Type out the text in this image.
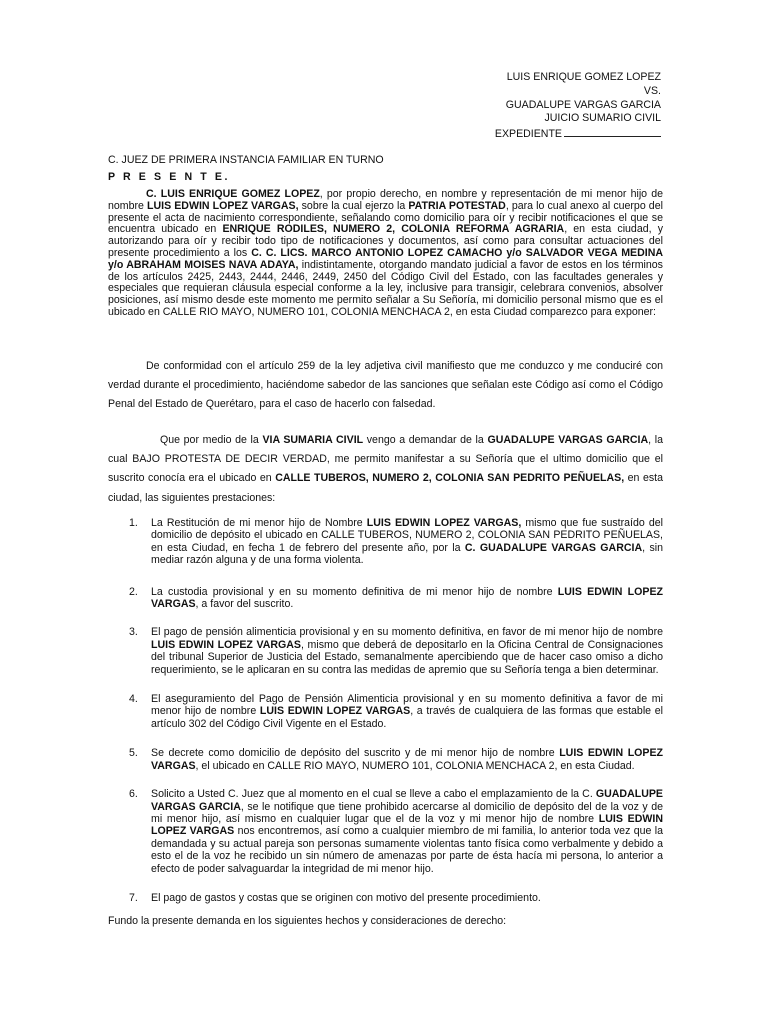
LUIS ENRIQUE GOMEZ LOPEZ
VS.
GUADALUPE VARGAS GARCIA
JUICIO SUMARIO CIVIL
EXPEDIENTE
C. JUEZ DE PRIMERA INSTANCIA FAMILIAR EN TURNO
P R E S E N T E.
C. LUIS ENRIQUE GOMEZ LOPEZ, por propio derecho, en nombre y representación de mi menor hijo de nombre LUIS EDWIN LOPEZ VARGAS, sobre la cual ejerzo la PATRIA POTESTAD, para lo cual anexo al cuerpo del presente el acta de nacimiento correspondiente, señalando como domicilio para oír y recibir notificaciones el que se encuentra ubicado en ENRIQUE RODILES, NUMERO 2, COLONIA REFORMA AGRARIA, en esta ciudad, y autorizando para oír y recibir todo tipo de notificaciones y documentos, así como para consultar actuaciones del presente procedimiento a los C. C. LICS. MARCO ANTONIO LOPEZ CAMACHO y/o SALVADOR VEGA MEDINA y/o ABRAHAM MOISES NAVA ADAYA, indistintamente, otorgando mandato judicial a favor de estos en los términos de los artículos 2425, 2443, 2444, 2446, 2449, 2450 del Código Civil del Estado, con las facultades generales y especiales que requieran cláusula especial conforme a la ley, inclusive para transigir, celebrara convenios, absolver posiciones, así mismo desde este momento me permito señalar a Su Señoría, mi domicilio personal mismo que es el ubicado en CALLE RIO MAYO, NUMERO 101, COLONIA MENCHACA 2, en esta Ciudad comparezco para exponer:
De conformidad con el artículo 259 de la ley adjetiva civil manifiesto que me conduzco y me conduciré con verdad durante el procedimiento, haciéndome sabedor de las sanciones que señalan este Código así como el Código Penal del Estado de Querétaro, para el caso de hacerlo con falsedad.
Que por medio de la VIA SUMARIA CIVIL vengo a demandar de la GUADALUPE VARGAS GARCIA, la cual BAJO PROTESTA DE DECIR VERDAD, me permito manifestar a su Señoría que el ultimo domicilio que el suscrito conocía era el ubicado en CALLE TUBEROS, NUMERO 2, COLONIA SAN PEDRITO PEÑUELAS, en esta ciudad, las siguientes prestaciones:
1. La Restitución de mi menor hijo de Nombre LUIS EDWIN LOPEZ VARGAS, mismo que fue sustraído del domicilio de depósito el ubicado en CALLE TUBEROS, NUMERO 2, COLONIA SAN PEDRITO PEÑUELAS, en esta Ciudad, en fecha 1 de febrero del presente año, por la C. GUADALUPE VARGAS GARCIA, sin mediar razón alguna y de una forma violenta.
2. La custodia provisional y en su momento definitiva de mi menor hijo de nombre LUIS EDWIN LOPEZ VARGAS, a favor del suscrito.
3. El pago de pensión alimenticia provisional y en su momento definitiva, en favor de mi menor hijo de nombre LUIS EDWIN LOPEZ VARGAS, mismo que deberá de depositarlo en la Oficina Central de Consignaciones del tribunal Superior de Justicia del Estado, semanalmente apercibiendo que de hacer caso omiso a dicho requerimiento, se le aplicaran en su contra las medidas de apremio que su Señoría tenga a bien determinar.
4. El aseguramiento del Pago de Pensión Alimenticia provisional y en su momento definitiva a favor de mi menor hijo de nombre LUIS EDWIN LOPEZ VARGAS, a través de cualquiera de las formas que estable el artículo 302 del Código Civil Vigente en el Estado.
5. Se decrete como domicilio de depósito del suscrito y de mi menor hijo de nombre LUIS EDWIN LOPEZ VARGAS, el ubicado en CALLE RIO MAYO, NUMERO 101, COLONIA MENCHACA 2, en esta Ciudad.
6. Solicito a Usted C. Juez que al momento en el cual se lleve a cabo el emplazamiento de la C. GUADALUPE VARGAS GARCIA, se le notifique que tiene prohibido acercarse al domicilio de depósito del de la voz y de mi menor hijo, así mismo en cualquier lugar que el de la voz y mi menor hijo de nombre LUIS EDWIN LOPEZ VARGAS nos encontremos, así como a cualquier miembro de mi familia, lo anterior toda vez que la demandada y su actual pareja son personas sumamente violentas tanto física como verbalmente y debido a esto el de la voz he recibido un sin número de amenazas por parte de ésta hacía mi persona, lo anterior a efecto de poder salvaguardar la integridad de mi menor hijo.
7. El pago de gastos y costas que se originen con motivo del presente procedimiento.
Fundo la presente demanda en los siguientes hechos y consideraciones de derecho:
